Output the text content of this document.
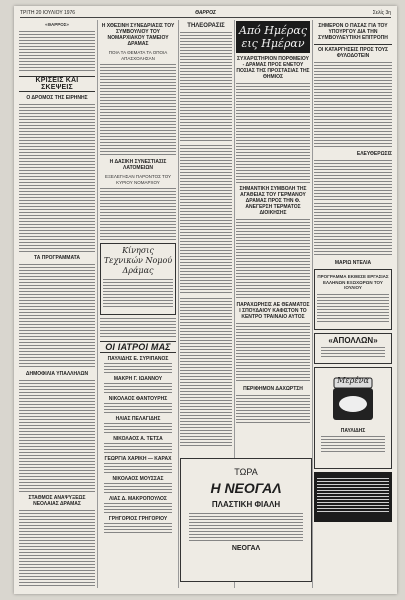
ΤΡΙΤΗ 20 ΙΟΥΛΙΟΥ 1976	ΘΑΡΡΟΣ	Σελίς 3η
«ΘΑΡΡΟΣ»
ΚΡΙΣΕΙΣ ΚΑΙ ΣΚΕΨΕΙΣ
Ο ΔΡΟΜΟΣ ΤΗΣ ΕΙΡΗΝΗΣ
ΤΑ ΠΡΟΓΡΑΜΜΑΤΑ
ΔΗΜΟΦΙΛΙΑ ΥΠΑΛΛΗΛΩΝ
ΣΤΑΘΜΟΣ ΑΝΑΨΥΞΕΩΣ ΝΕΟΛΑΙΑΣ ΔΡΑΜΑΣ
Η ΧΘΕΣΙΝΗ ΣΥΝΕΔΡΙΑΣΙΣ ΤΟΥ ΣΥΜΒΟΥΛΙΟΥ ΤΟΥ ΝΟΜΑΡΧΙΑΚΟΥ ΤΑΜΕΙΟΥ ΔΡΑΜΑΣ
ΠΟΙΑ ΤΑ ΘΕΜΑΤΑ ΤΑ ΟΠΟΙΑ ΑΠΑΣΧΟΛΗΣΑΝ
Η ΔΑΣΙΚΗ ΣΥΝΕΣΤΙΑΣΙΣ ΛΑΤΟΜΕΙΩΝ
ΕΞΕΛΕΓΗΣΑΝ ΠΑΡΟΝΤΟΣ ΤΟΥ ΚΥΡΙΟΥ ΝΟΜΑΡΧΟΥ
Κίνησις Τεχνικών Νομού Δράμας
ΟΙ ΙΑΤΡΟΙ ΜΑΣ
ΠΑΥΛΙΔΗΣ Ε. ΣΥΡΙΠΑΝΟΣ
ΜΑΚΡΗ Γ. ΙΩΑΝΝΟΥ
ΝΙΚΟΛΑΟΣ ΦΑΝΤΟΥΡΗΣ
ΗΛΙΑΣ ΠΕΛΑΓΙΔΗΣ
ΝΙΚΟΛΑΟΣ Α. ΤΕΤΣΑ
ΓΕΩΡΓΙΑ ΧΑΡΙΚΗ — ΚΑΡΑΧ
ΝΙΚΟΛΑΟΣ ΜΟΥΣΣΑΣ
ΛΙΑΣ Δ. ΜΑΚΡΟΠΟΥΛΟΣ
ΓΡΗΓΟΡΙΟΣ ΓΡΗΓΟΡΙΟΥ
ΤΗΛΕΟΡΑΣΙΣ	Από Ημέρας εις Ημέραν
ΣΥΧΑΡΙΣΤΗΡΙΟΝ ΠΟΡΘΜΕΙΟΥ - ΔΡΑΜΑΣ ΠΡΟΣ ΕΝΕΤΟΥ ΠΟΣΙΑΣ ΤΗΣ ΠΡΟΣΤΑΣΙΑΣ ΤΗΣ ΘΗΜΙΟΣ
ΣΗΜΑΝΤΙΚΗ ΣΥΜΒΟΛΗ ΤΗΣ ΑΓΑΘΕΙΑΣ ΤΟΥ ΓΕΡΜΑΝΟΥ ΔΡΑΜΑΣ ΠΡΟΣ ΤΗΝ Φ. ΑΝΕΓΕΡΣΗ ΤΕΡΜΑΤΟΣ ΔΙΟΙΚΗΣΗΣ
ΠΑΡΑΧΩΡΗΣΙΣ ΑΕ ΘΕΑΜΑΤΟΣ Ι ΣΠΟΥΔΑΙΟΥ ΚΑΦΙΣΤΟΝ ΤΟ ΚΕΝΤΡΟ ΤΡΑΙΝΑΙΟ ΑΥΤΟΣ
ΠΕΡΙΦΗΜΟΝ ΔΑΧΩΡΤΣΗ
ΤΩΡΑ
Η ΝΕΟΓΑΛ
ΠΛΑΣΤΙΚΗ ΦΙΑΛΗ
ΝΕΟΓΑΛ
ΣΗΜΕΡΟΝ Ο ΠΑΣΑΣ ΓΙΑ ΤΟΥ ΥΠΟΥΡΓΟΥ ΔΙΑ ΤΗΝ ΣΥΜΒΟΥΛΕΥΤΙΚΗ ΕΠΙΤΡΟΠΗ
ΟΙ ΚΑΤΑΡΓΗΣΕΙΣ ΠΡΟΣ ΤΟΥΣ ΦΥΛΟΔΟΤΕΙΝ
ΕΛΕΥΘΕΡΩΣΙΣ
ΜΑΡΙΩ ΝΤΕΛΙΑ
ΠΡΟΓΡΑΜΜΑ ΕΚΘΕΣΕ ΕΡΓΑΣΙΑΣ ΕΛΛΗΝΩΝ ΕΞΩΧΩΡΩΝ ΤΟΥ ΙΟΥΛΙΟΥ
«ΑΠΟΛΛΩΝ»
Μερένα
ΠΑΥΛΙΔΗΣ
